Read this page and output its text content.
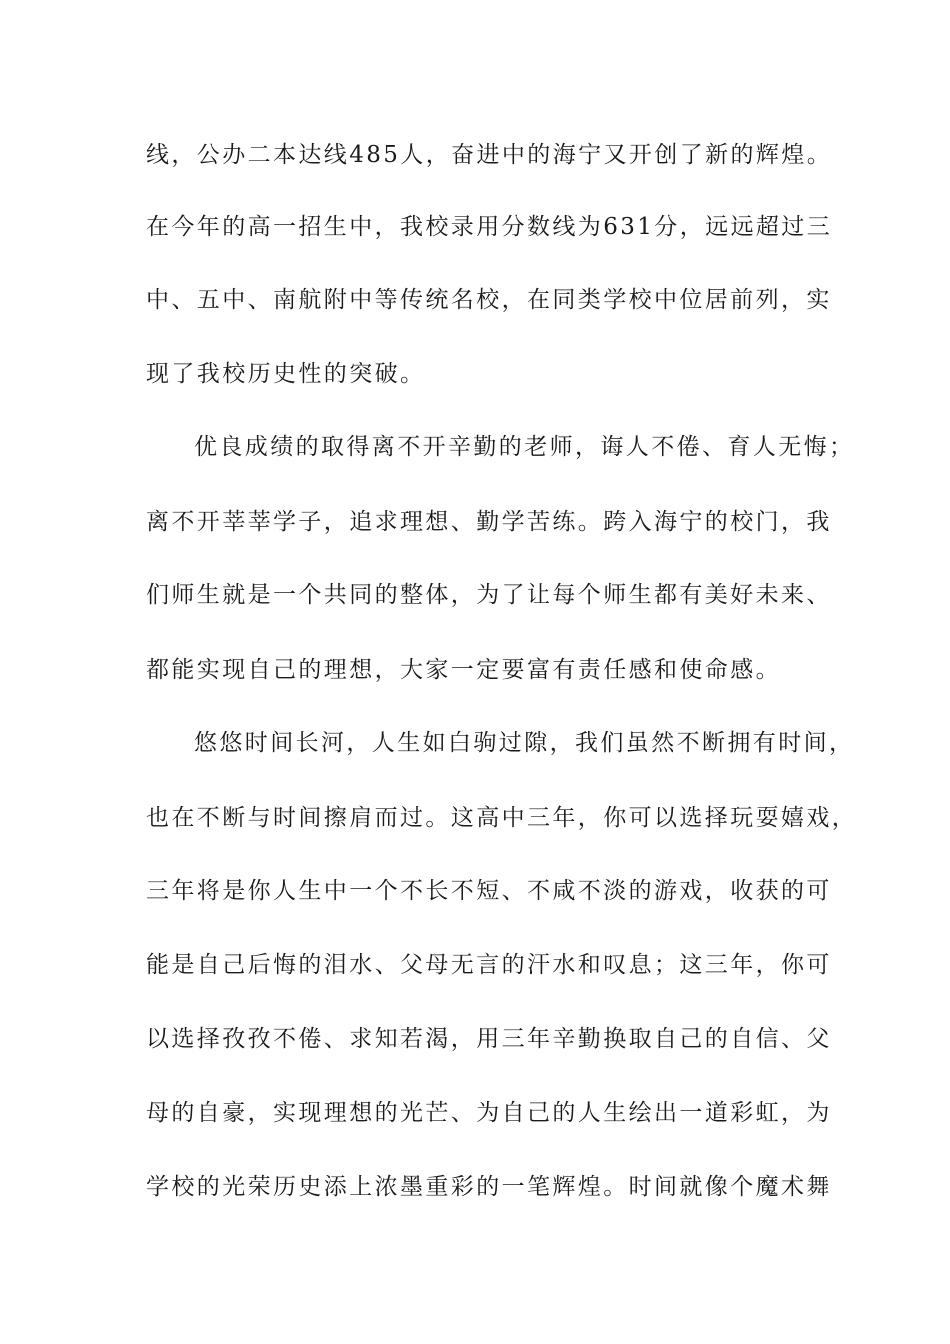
线，公办二本达线485人，奋进中的海宁又开创了新的辉煌。
在今年的高一招生中，我校录用分数线为631分，远远超过三
中、五中、南航附中等传统名校，在同类学校中位居前列，实
现了我校历史性的突破。
优良成绩的取得离不开辛勤的老师，诲人不倦、育人无悔；
离不开莘莘学子，追求理想、勤学苦练。跨入海宁的校门，我
们师生就是一个共同的整体，为了让每个师生都有美好未来、
都能实现自己的理想，大家一定要富有责任感和使命感。
悠悠时间长河，人生如白驹过隙，我们虽然不断拥有时间，
也在不断与时间擦肩而过。这高中三年，你可以选择玩耍嬉戏，
三年将是你人生中一个不长不短、不咸不淡的游戏，收获的可
能是自己后悔的泪水、父母无言的汗水和叹息；这三年，你可
以选择孜孜不倦、求知若渴，用三年辛勤换取自己的自信、父
母的自豪，实现理想的光芒、为自己的人生绘出一道彩虹，为
学校的光荣历史添上浓墨重彩的一笔辉煌。时间就像个魔术舞
